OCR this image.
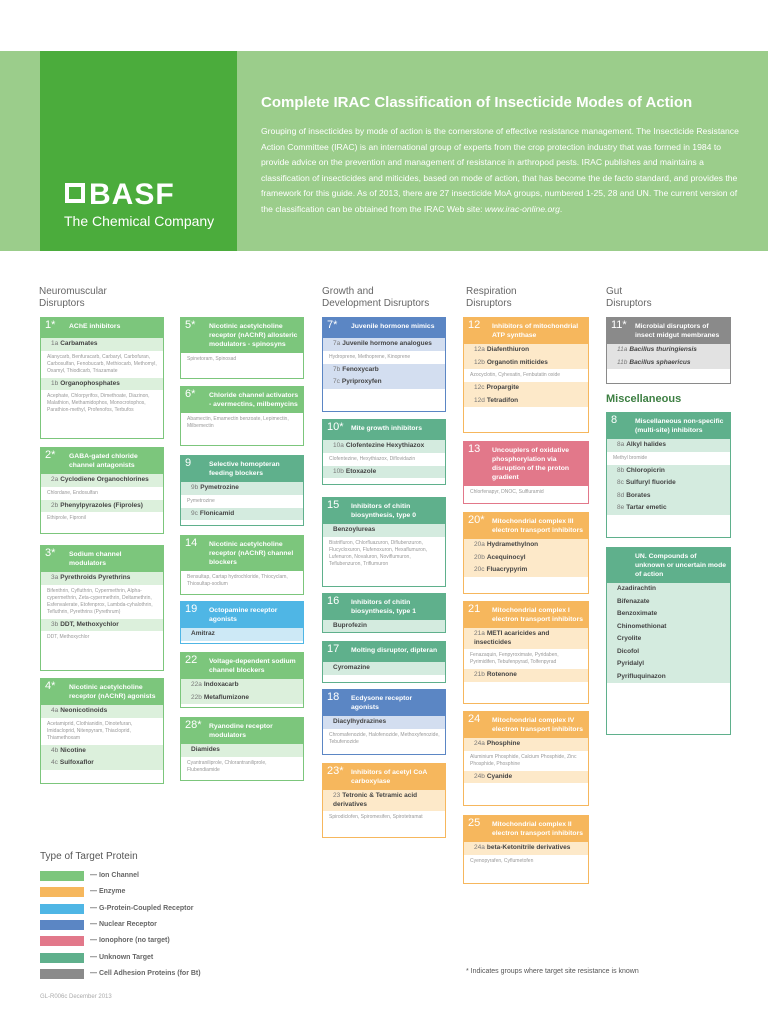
BASF
The Chemical Company
Complete IRAC Classification of Insecticide Modes of Action
Grouping of insecticides by mode of action is the cornerstone of effective resistance management. The Insecticide Resistance Action Committee (IRAC) is an international group of experts from the crop protection industry that was formed in 1984 to provide advice on the prevention and management of resistance in arthropod pests. IRAC publishes and maintains a classification of insecticides and miticides, based on mode of action, that has become the de facto standard, and provides the framework for this guide. As of 2013, there are 27 insecticide MoA groups, numbered 1-25, 28 and UN. The current version of the classification can be obtained from the IRAC Web site: www.irac-online.org.
Neuromuscular
Disruptors
Growth and
Development Disruptors
Respiration
Disruptors
Gut
Disruptors
Miscellaneous
1* AChE inhibitors
1a Carbamates
Alanycarb, Benfuracarb, Carbaryl, Carbofuran, Carbosulfan, Fenobucarb, Methiocarb, Methomyl, Oxamyl, Thiodicarb, Triazamate
1b Organophosphates
Acephate, Chlorpyrifos, Dimethoate, Diazinon, Malathion, Methamidophos, Monocrotophos, Parathion-methyl, Profenofos, Terbufos
2* GABA-gated chloride channel antagonists
2a Cyclodiene Organochlorines
Chlordane, Endosulfan
2b Phenylpyrazoles (Fiproles)
Ethiprole, Fipronil
3* Sodium channel modulators
3a Pyrethroids Pyrethrins
Bifenthrin, Cyfluthrin, Cypermethrin, Alpha-cypermethrin, Zeta-cypermethrin, Deltamethrin, Esfenvalerate, Etofenprox, Lambda-cyhalothrin, Tefluthrin, Pyrethrins (Pyrethrum)
3b DDT, Methoxychlor
DDT, Methoxychlor
4* Nicotinic acetylcholine receptor (nAChR) agonists
4a Neonicotinoids
Acetamiprid, Clothianidin, Dinotefuran, Imidacloprid, Nitenpyram, Thiacloprid, Thiamethoxam
4b Nicotine
4c Sulfoxaflor
5* Nicotinic acetylcholine receptor (nAChR) allosteric modulators - spinosyns
Spinetoram, Spinosad
6* Chloride channel activators - avermectins, milbemycins
Abamectin, Emamectin benzoate, Lepimectin, Milbemectin
9	Selective homopteran feeding blockers
9b Pymetrozine
Pymetrozine
9c Flonicamid
14 Nicotinic acetylcholine receptor (nAChR) channel blockers
Bensultap, Cartap hydrochloride, Thiocyclam, Thiosultap-sodium
19 Octopamine receptor agonists
Amitraz
22 Voltage-dependent sodium channel blockers
22a Indoxacarb
22b Metaflumizone
28* Ryanodine receptor modulators
Diamides
Cyantraniliprole, Chlorantraniliprole, Flubendiamide
7* Juvenile hormone mimics
7a Juvenile hormone analogues
Hydroprene, Methoprene, Kinoprene
7b Fenoxycarb
7c Pyriproxyfen
10* Mite growth inhibitors
10a Clofentezine Hexythiazox
Clofentezine, Hexythiazox, Diflovidazin
10b Etoxazole
15 Inhibitors of chitin biosynthesis, type 0
Benzoylureas
Bistrifluron, Chlorfluazuron, Diflubenzuron, Flucycloxuron, Flufenoxuron, Hexaflumuron, Lufenuron, Novaluron, Noviflumuron, Teflubenzuron, Triflumuron
16 Inhibitors of chitin biosynthesis, type 1
Buprofezin
17 Molting disruptor, dipteran
Cyromazine
18 Ecdysone receptor agonists
Diacylhydrazines
Chromafenozide, Halofenozide, Methoxyfenozide, Tebufenozide
23* Inhibitors of acetyl CoA carboxylase
23 Tetronic & Tetramic acid derivatives
Spirodiclofen, Spiromesifen, Spirotetramat
12 Inhibitors of mitochondrial ATP synthase
12a Diafenthiuron
12b Organotin miticides
Azocyclotin, Cyhexatin, Fenbutatin oxide
12c Propargite
12d Tetradifon
13 Uncouplers of oxidative phosphorylation via disruption of the proton gradient
Chlorfenapyr, DNOC, Sulfluramid
20* Mitochondrial complex III electron transport inhibitors
20a Hydramethylnon
20b Acequinocyl
20c Fluacrypyrim
21 Mitochondrial complex I electron transport inhibitors
21a METI acaricides and insecticides
Fenazaquin, Fenpyroximate, Pyridaben, Pyrimidifen, Tebufenpyrad, Tolfenpyrad
21b Rotenone
24 Mitochondrial complex IV electron transport inhibitors
24a Phosphine
Aluminium Phosphide, Calcium Phosphide, Zinc Phosphide, Phosphine
24b Cyanide
25 Mitochondrial complex II electron transport inhibitors
24a beta-Ketonitrile derivatives
Cyenopyrafen, Cyflumetofen
11* Microbial disruptors of insect midgut membranes
11a Bacillus thuringiensis
11b Bacillus sphaericus
8	Miscellaneous non-specific (multi-site) inhibitors
8a Alkyl halides
Methyl bromide
8b Chloropicrin
8c Sulfuryl fluoride
8d Borates
8e Tartar emetic
UN. Compounds of unknown or uncertain mode of action
Azadirachtin
Bifenazate
Benzoximate
Chinomethionat
Cryolite
Dicofol
Pyridalyl
Pyrifluquinazon
Type of Target Protein
— Ion Channel
— Enzyme
— G-Protein-Coupled Receptor
— Nuclear Receptor
— Ionophore (no target)
— Unknown Target
— Cell Adhesion Proteins (for Bt)	* Indicates groups where target site resistance is known
GL-R006c December 2013
